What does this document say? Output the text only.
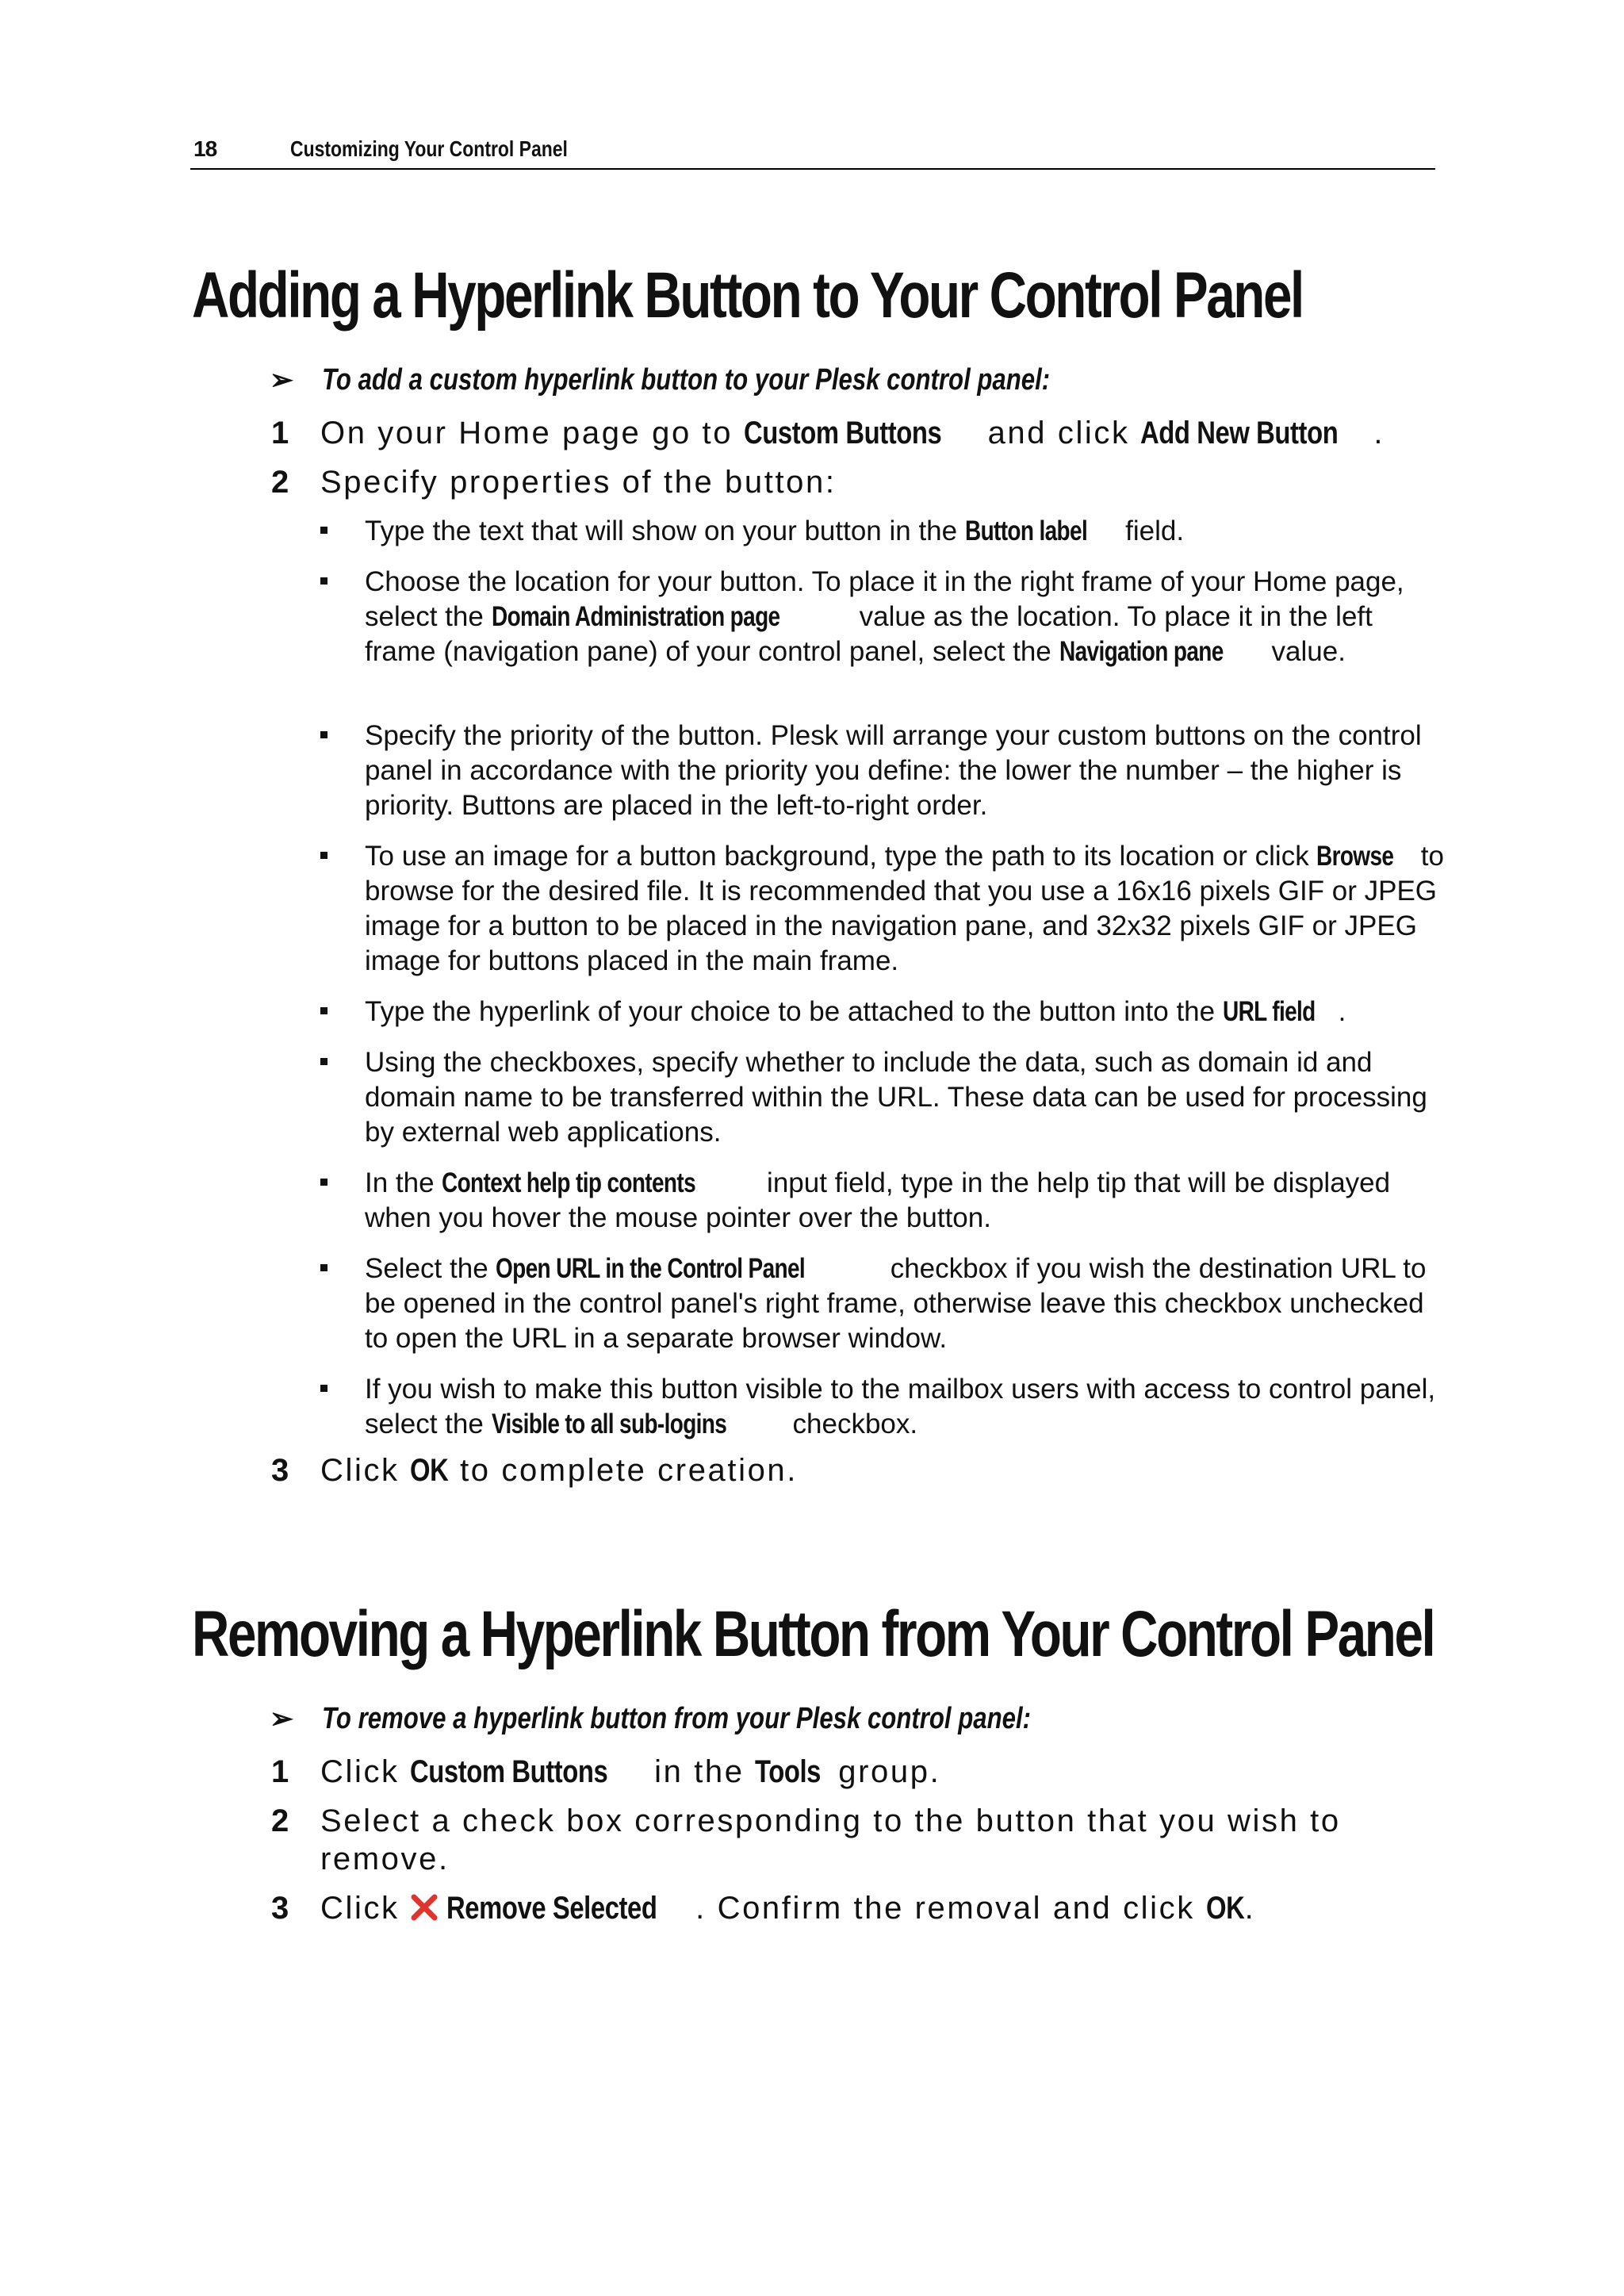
18	Customizing Your Control Panel
Adding a Hyperlink Button to Your Control Panel
➢ To add a custom hyperlink button to your Plesk control panel:
1 On your Home page go to Custom Buttons and click Add New Button .
2 Specify properties of the button:
Type the text that will show on your button in the Button label field.
Choose the location for your button. To place it in the right frame of your Home page, select the Domain Administration page	value as the location. To place it in the left frame (navigation pane) of your control panel, select the Navigation pane value.
Specify the priority of the button. Plesk will arrange your custom buttons on the control panel in accordance with the priority you define: the lower the number – the higher is priority. Buttons are placed in the left-to-right order.
To use an image for a button background, type the path to its location or click Browse to browse for the desired file. It is recommended that you use a 16x16 pixels GIF or JPEG image for a button to be placed in the navigation pane, and 32x32 pixels GIF or JPEG image for buttons placed in the main frame.
Type the hyperlink of your choice to be attached to the button into the URL field .
Using the checkboxes, specify whether to include the data, such as domain id and domain name to be transferred within the URL. These data can be used for processing by external web applications.
In the Context help tip contents input field, type in the help tip that will be displayed when you hover the mouse pointer over the button.
Select the Open URL in the Control Panel	checkbox if you wish the destination URL to be opened in the control panel's right frame, otherwise leave this checkbox unchecked to open the URL in a separate browser window.
If you wish to make this button visible to the mailbox users with access to control panel, select the Visible to all sub-logins checkbox.
3 Click OK to complete creation.
Removing a Hyperlink Button from Your Control Panel
➢ To remove a hyperlink button from your Plesk control panel:
1 Click Custom Buttons in the Tools group.
2 Select a check box corresponding to the button that you wish to remove.
3 Click Remove Selected . Confirm the removal and click OK.
